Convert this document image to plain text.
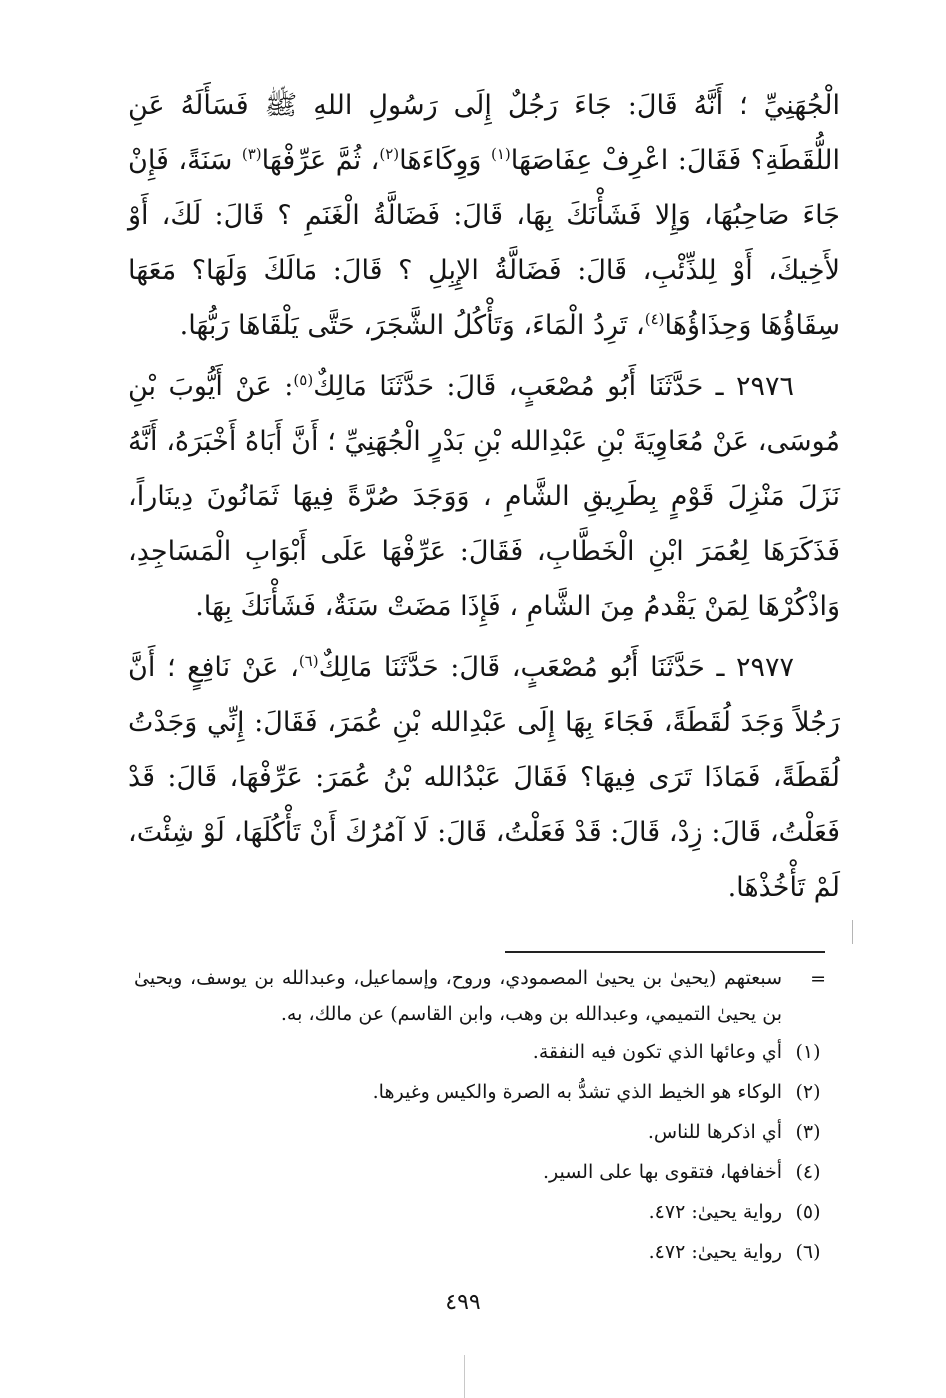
الْجُهَنِيِّ ؛ أَنَّهُ قَالَ: جَاءَ رَجُلٌ إِلَى رَسُولِ اللهِ ﷺ فَسَأَلَهُ عَنِ اللُّقَطَةِ؟ فَقَالَ: اعْرِفْ عِفَاصَهَا$^{(١)}$ وَوِكَاءَهَا$^{(٢)}$، ثُمَّ عَرِّفْهَا$^{(٣)}$ سَنَةً، فَإِنْ جَاءَ صَاحِبُهَا، وَإِلا فَشَأْنَكَ بِهَا، قَالَ: فَضَالَّةُ الْغَنَمِ ؟ قَالَ: لَكَ، أَوْ لأَخِيكَ، أَوْ لِلذِّئْبِ، قَالَ: فَضَالَّةُ الإِبِلِ ؟ قَالَ: مَالَكَ وَلَهَا؟ مَعَهَا سِقَاؤُهَا وَحِذَاؤُهَا$^{(٤)}$، تَرِدُ الْمَاءَ، وَتَأْكُلُ الشَّجَرَ، حَتَّى يَلْقَاهَا رَبُّهَا.

٢٩٧٦ ـ حَدَّثَنَا أَبُو مُصْعَبٍ، قَالَ: حَدَّثَنَا مَالِكٌ$^{(٥)}$: عَنْ أَيُّوبَ بْنِ مُوسَى، عَنْ مُعَاوِيَةَ بْنِ عَبْدِالله بْنِ بَدْرٍ الْجُهَنِيِّ ؛ أَنَّ أَبَاهُ أَخْبَرَهُ، أَنَّهُ نَزَلَ مَنْزِلَ قَوْمٍ بِطَرِيقِ الشَّامِ ، وَوَجَدَ صُرَّةً فِيهَا ثَمَانُونَ دِينَاراً، فَذَكَرَهَا لِعُمَرَ ابْنِ الْخَطَّابِ، فَقَالَ: عَرِّفْهَا عَلَى أَبْوَابِ الْمَسَاجِدِ، وَاذْكُرْهَا لِمَنْ يَقْدمُ مِنَ الشَّامِ ، فَإِذَا مَضَتْ سَنَةٌ، فَشَأْنَكَ بِهَا.

٢٩٧٧ ـ حَدَّثَنَا أَبُو مُصْعَبٍ، قَالَ: حَدَّثَنَا مَالِكٌ$^{(٦)}$، عَنْ نَافِعٍ ؛ أَنَّ رَجُلاً وَجَدَ لُقَطَةً، فَجَاءَ بِهَا إِلَى عَبْدِالله بْنِ عُمَرَ، فَقَالَ: إِنِّي وَجَدْتُ لُقَطَةً، فَمَاذَا تَرَى فِيهَا؟ فَقَالَ عَبْدُالله بْنُ عُمَرَ: عَرِّفْهَا، قَالَ: قَدْ فَعَلْتُ، قَالَ: زِدْ، قَالَ: قَدْ فَعَلْتُ، قَالَ: لَا آمُرُكَ أَنْ تَأْكُلَهَا، لَوْ شِئْتَ، لَمْ تَأْخُذْهَا.

=
سبعتهم (يحيىٰ بن يحيىٰ المصمودي، وروح، وإسماعيل، وعبدالله بن يوسف، ويحيىٰ بن يحيىٰ التميمي، وعبدالله بن وهب، وابن القاسم) عن مالك، به.
(١)
أي وعائها الذي تكون فيه النفقة.
(٢)
الوكاء هو الخيط الذي تشدُّ به الصرة والكيس وغيرها.
(٣)
أي اذكرها للناس.
(٤)
أخفافها، فتقوى بها على السير.
(٥)
رواية يحيىٰ: ٤٧٢.
(٦)
رواية يحيىٰ: ٤٧٢.
٤٩٩
